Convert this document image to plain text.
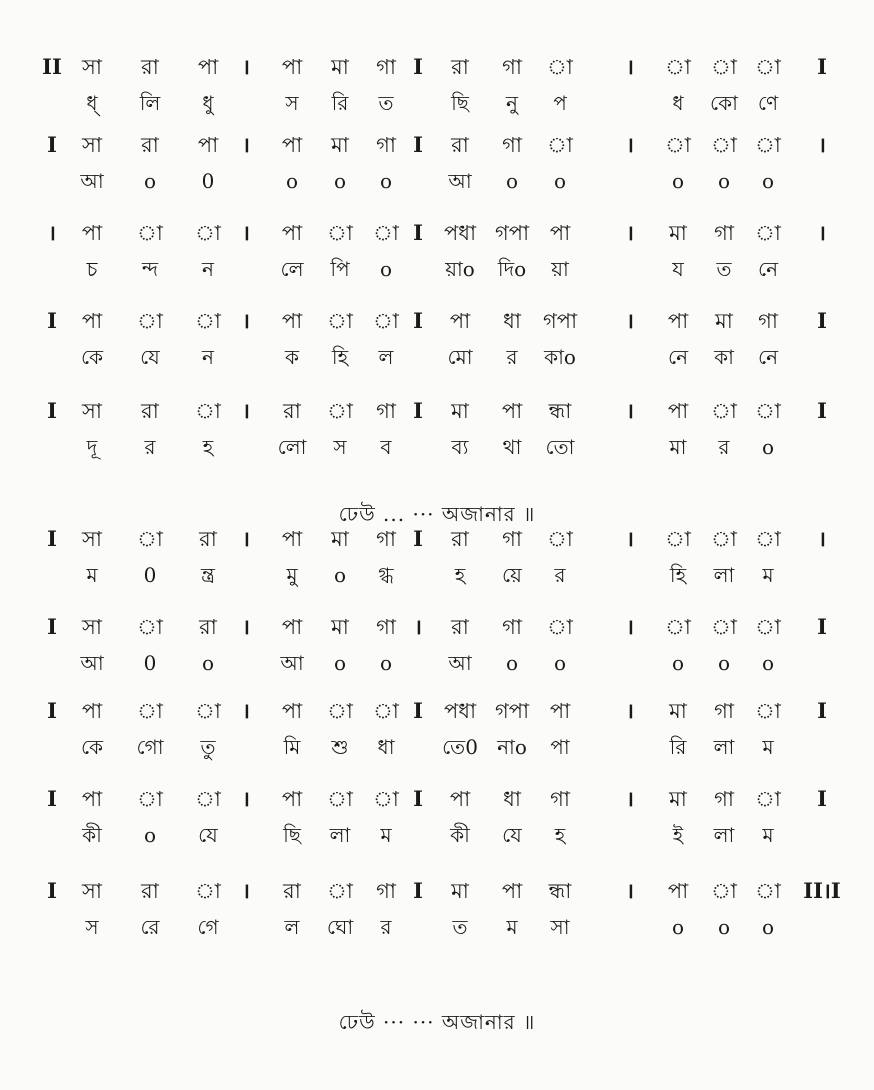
II সা রা পা । পা মা গা I রা গা া	। া া া I
ধ্ লি ধু	স রি ত	ছি নু প	ধ কো ণে
I সা রা পা । পা মা গা I রা গা া	। া া া ।
আ o 0	o o o	আ o o	o o o
। পা া া । পা া া I পধা গপা পা	। মা গা া ।
চ ন্দ ন	লে পি o	য়াo দিo য়া	য ত নে
I পা া া । পা া া I পা ধা গপা । পা মা গা I
কে যে ন	ক হি ল	মো র কাo	নে কা নে
I সা রা া । রা া গা I মা পা ন্ধা	। পা া া I
দূ র হ	লো স ব	ব্য থা তো	মা র o
I সা া রা । পা মা গা I রা গা া	। া া া ।
ম 0 ন্ত্র	মু o গ্ধ	হ য়ে র	হি লা ম
I সা া রা । পা মা গা । রা গা া	। া া া I
আ 0 o	আ o o	আ o o	o o o
I পা া া । পা া া I পধা গপা পা	। মা গা া I
কে গো তু	মি শু ধা তে0 নাo পা	রি লা ম
I পা া া । পা া া I পা ধা গা	। মা গা া I
কী o যে	ছি লা ম	কী যে হ	ই লা ম
I সা রা া । রা া গা I মা পা ন্ধা	। পা া া II।I
স রে গে	ল ঘো র	ত ম সা	o o o
ঢেউ ... ··· অজানার ॥
ঢেউ ··· ··· অজানার ॥
